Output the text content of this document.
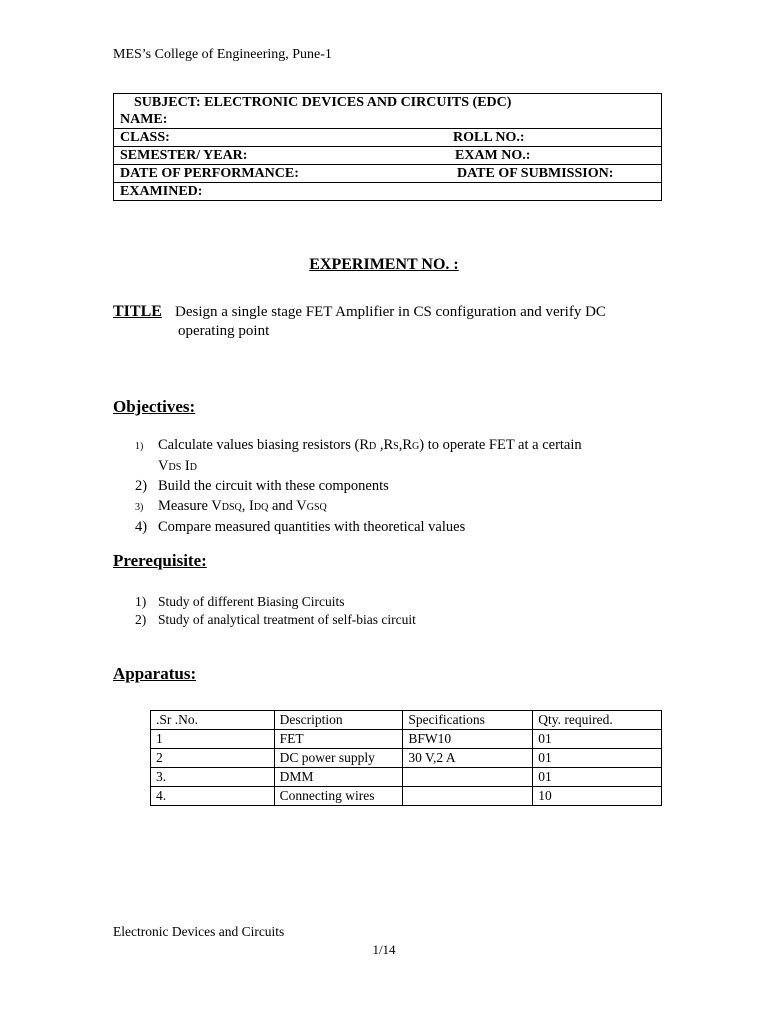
MES’s College of Engineering, Pune-1
SUBJECT: ELECTRONIC DEVICES AND CIRCUITS (EDC)
NAME:

CLASS:	ROLL NO.:

SEMESTER/ YEAR:	EXAM NO.:

DATE OF PERFORMANCE:	DATE OF SUBMISSION:

EXAMINED:
EXPERIMENT NO. :
TITLE Design a single stage FET Amplifier in CS configuration and verify DC
operating point
Objectives:
1)	Calculate values biasing resistors (RD ,RS,RG) to operate FET at a certain
VDS ID
2) Build the circuit with these components
3)	Measure VDSQ, IDQ and VGSQ
4) Compare measured quantities with theoretical values
Prerequisite:
1) Study of different Biasing Circuits
2) Study of analytical treatment of self-bias circuit
Apparatus:
.Sr .No.	Description	Specifications	Qty. required.
1	FET	BFW10	01
2	DC power supply	30 V,2 A	01
3.	DMM		01
4.	Connecting wires		10
Electronic Devices and Circuits
1/14
